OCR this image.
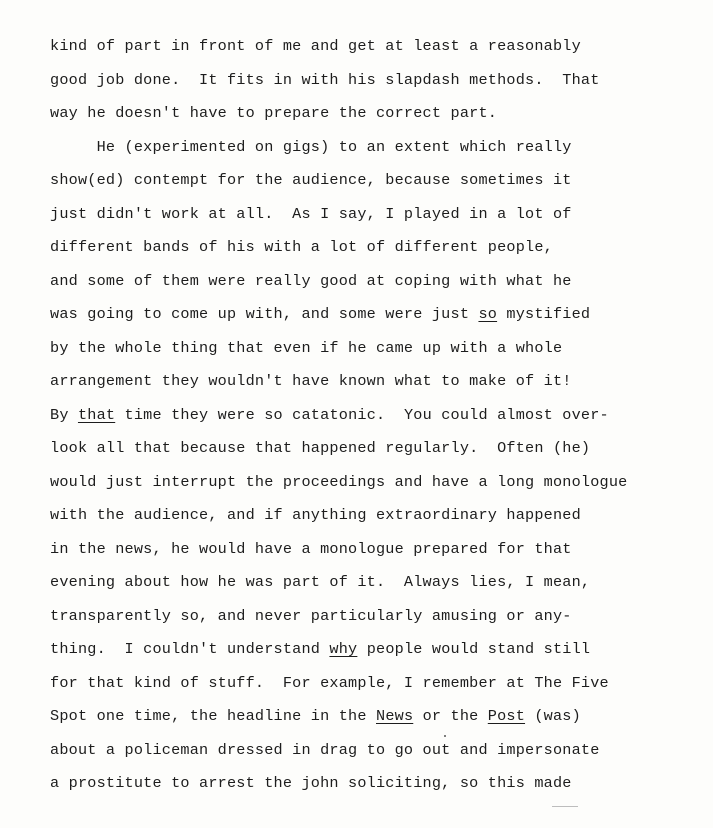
kind of part in front of me and get at least a reasonably
good job done.  It fits in with his slapdash methods.  That
way he doesn't have to prepare the correct part.
He (experimented on gigs) to an extent which really
show(ed) contempt for the audience, because sometimes it
just didn't work at all.  As I say, I played in a lot of
different bands of his with a lot of different people,
and some of them were really good at coping with what he
was going to come up with, and some were just so mystified
by the whole thing that even if he came up with a whole
arrangement they wouldn't have known what to make of it!
By that time they were so catatonic.  You could almost over-
look all that because that happened regularly.  Often (he)
would just interrupt the proceedings and have a long monologue
with the audience, and if anything extraordinary happened
in the news, he would have a monologue prepared for that
evening about how he was part of it.  Always lies, I mean,
transparently so, and never particularly amusing or any-
thing.  I couldn't understand why people would stand still
for that kind of stuff.  For example, I remember at The Five
Spot one time, the headline in the News or the Post (was)
about a policeman dressed in drag to go out and impersonate
a prostitute to arrest the john soliciting, so this made
